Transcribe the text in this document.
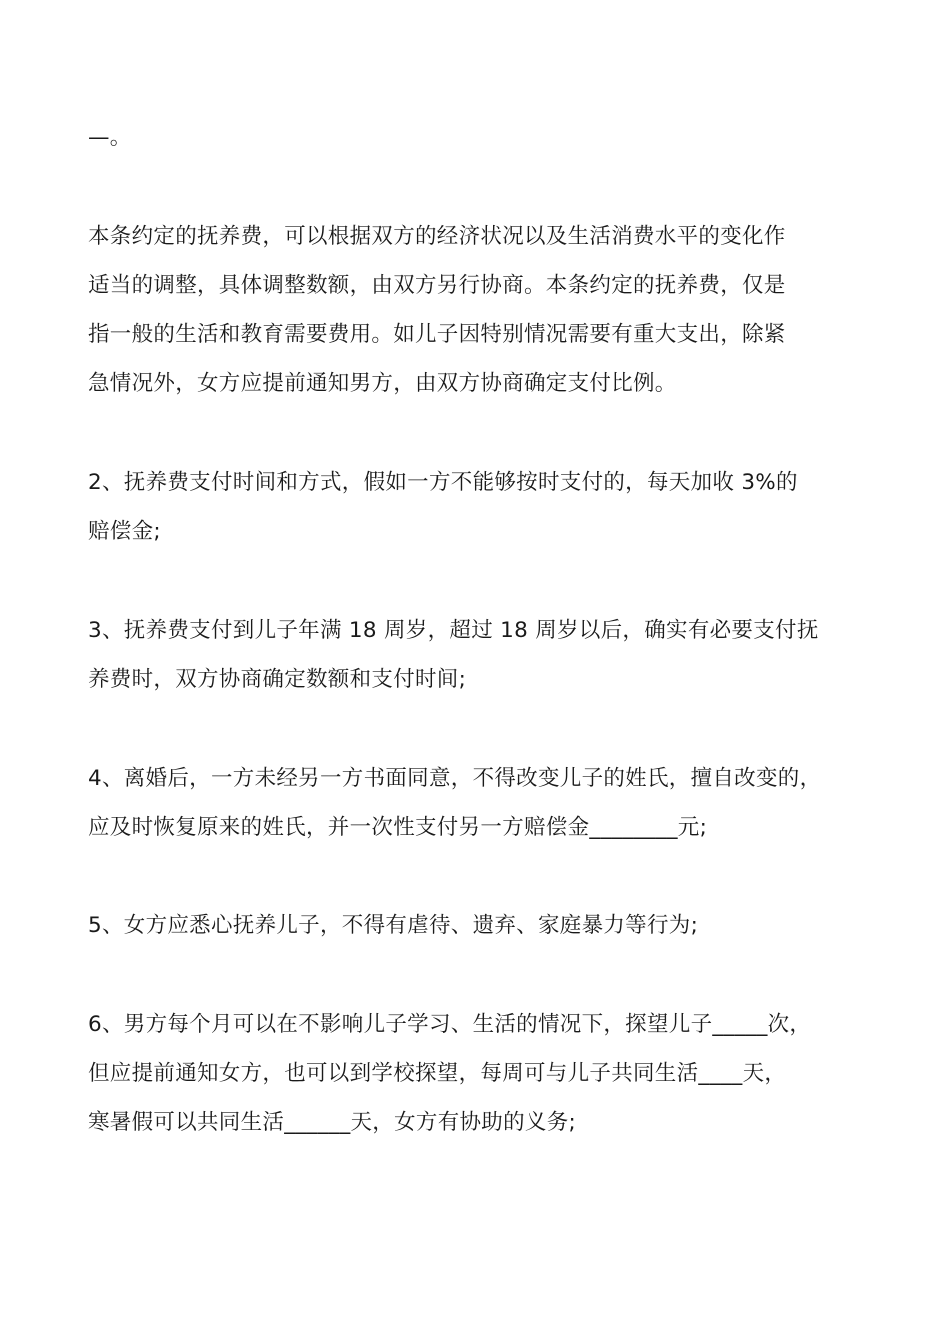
—。
本条约定的抚养费，可以根据双方的经济状况以及生活消费水平的变化作
适当的调整，具体调整数额，由双方另行协商。本条约定的抚养费，仅是
指一般的生活和教育需要费用。如儿子因特别情况需要有重大支出，除紧
急情况外，女方应提前通知男方，由双方协商确定支付比例。
2、抚养费支付时间和方式，假如一方不能够按时支付的，每天加收 3%的
赔偿金;
3、抚养费支付到儿子年满 18 周岁，超过 18 周岁以后，确实有必要支付抚
养费时，双方协商确定数额和支付时间;
4、离婚后，一方未经另一方书面同意，不得改变儿子的姓氏，擅自改变的，
应及时恢复原来的姓氏，并一次性支付另一方赔偿金________元;
5、女方应悉心抚养儿子，不得有虐待、遗弃、家庭暴力等行为;
6、男方每个月可以在不影响儿子学习、生活的情况下，探望儿子_____次，
但应提前通知女方，也可以到学校探望，每周可与儿子共同生活____天，
寒暑假可以共同生活______天，女方有协助的义务;
